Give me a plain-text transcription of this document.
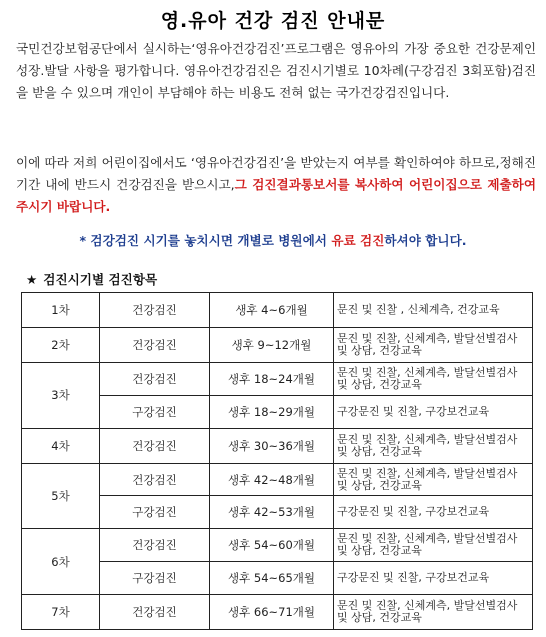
영.유아 건강 검진 안내문
국민건강보험공단에서 실시하는‘영유아건강검진’프로그램은 영유아의 가장 중요한 건강문제인 성장.발달 사항을 평가합니다. 영유아건강검진은 검진시기별로 10차례(구강검진 3회포함)검진을 받을 수 있으며 개인이 부담해야 하는 비용도 전혀 없는 국가건강검진입니다.
이에 따라 저희 어린이집에서도 ‘영유아건강검진’을 받았는지 여부를 확인하여야 하므로,정해진 기간 내에 반드시 건강검진을 받으시고,그 검진결과통보서를 복사하여 어린이집으로 제출하여 주시기 바랍니다.
* 검강검진 시기를 놓치시면 개별로 병원에서 유료 검진하셔야 합니다.
★ 검진시기별 검진항목
1차	건강검진	생후 4~6개월	문진 및 진찰 , 신체계측, 건강교육
2차	건강검진	생후 9~12개월	문진 및 진찰, 신체계측, 발달선별검사 및 상담, 건강교육
3차	건강검진	생후 18~24개월	문진 및 진찰, 신체계측, 발달선별검사 및 상담, 건강교육
	구강검진	생후 18~29개월	구강문진 및 진찰, 구강보건교육
4차	건강검진	생후 30~36개월	문진 및 진찰, 신체계측, 발달선별검사 및 상담, 건강교육
5차	건강검진	생후 42~48개월	문진 및 진찰, 신체계측, 발달선별검사 및 상담, 건강교육
	구강검진	생후 42~53개월	구강문진 및 진찰, 구강보건교육
6차	건강검진	생후 54~60개월	문진 및 진찰, 신체계측, 발달선별검사 및 상담, 건강교육
	구강검진	생후 54~65개월	구강문진 및 진찰, 구강보건교육
7차	건강검진	생후 66~71개월	문진 및 진찰, 신체계측, 발달선별검사 및 상담, 건강교육
